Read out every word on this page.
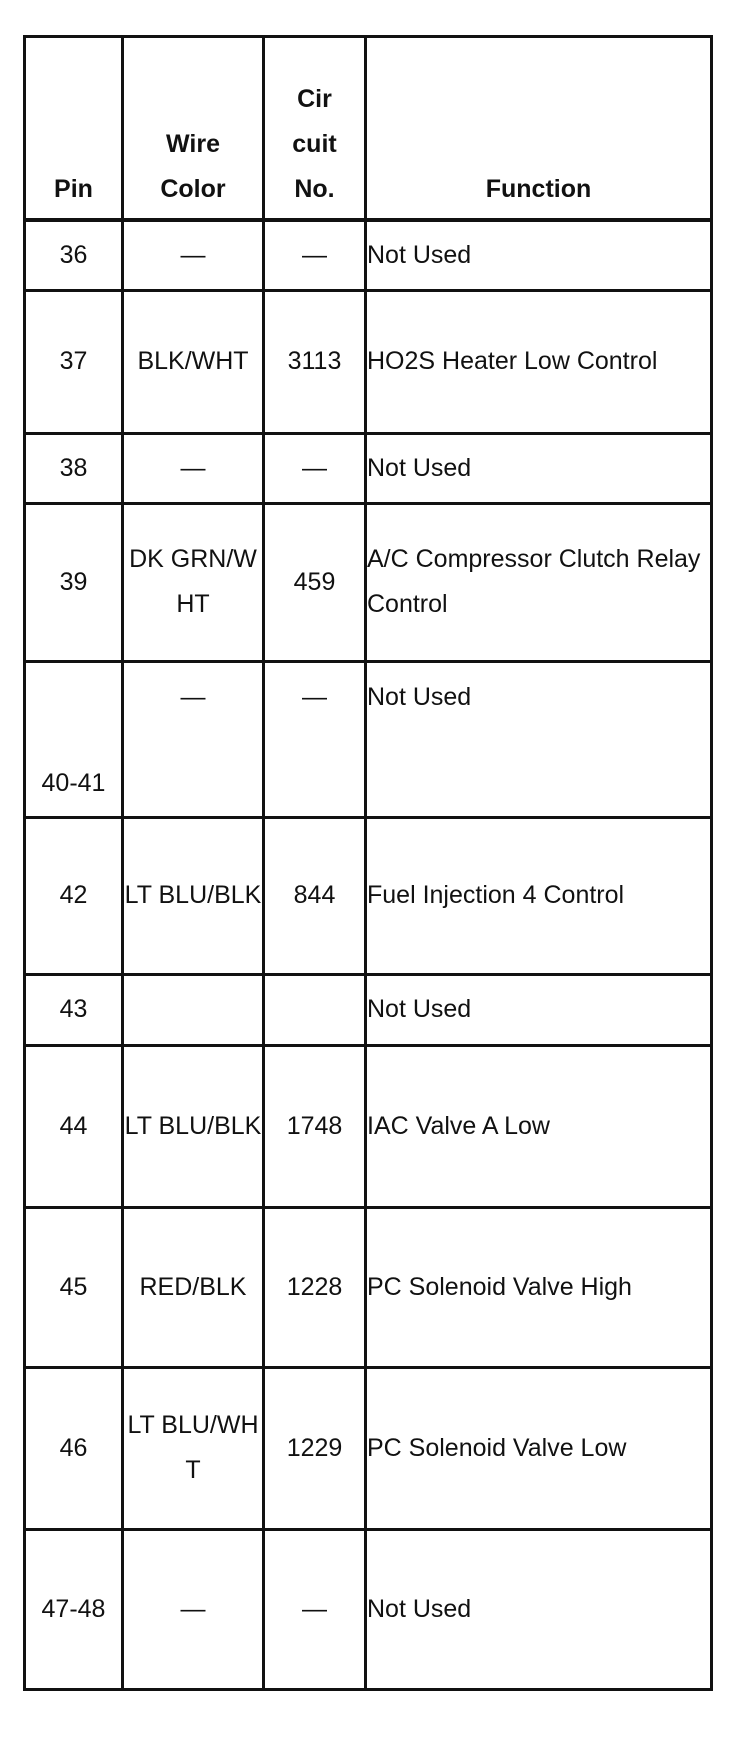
Pin	Wire Color	Cir cuit No.	Function
36	—	—	Not Used
37	BLK/WHT	3113	HO2S Heater Low Control
38	—	—	Not Used
39	DK GRN/WHT	459	A/C Compressor Clutch Relay Control
40-41	—	—	Not Used
42	LT BLU/BLK	844	Fuel Injection 4 Control
43			Not Used
44	LT BLU/BLK	1748	IAC Valve A Low
45	RED/BLK	1228	PC Solenoid Valve High
46	LT BLU/WHT	1229	PC Solenoid Valve Low
47-48	—	—	Not Used
